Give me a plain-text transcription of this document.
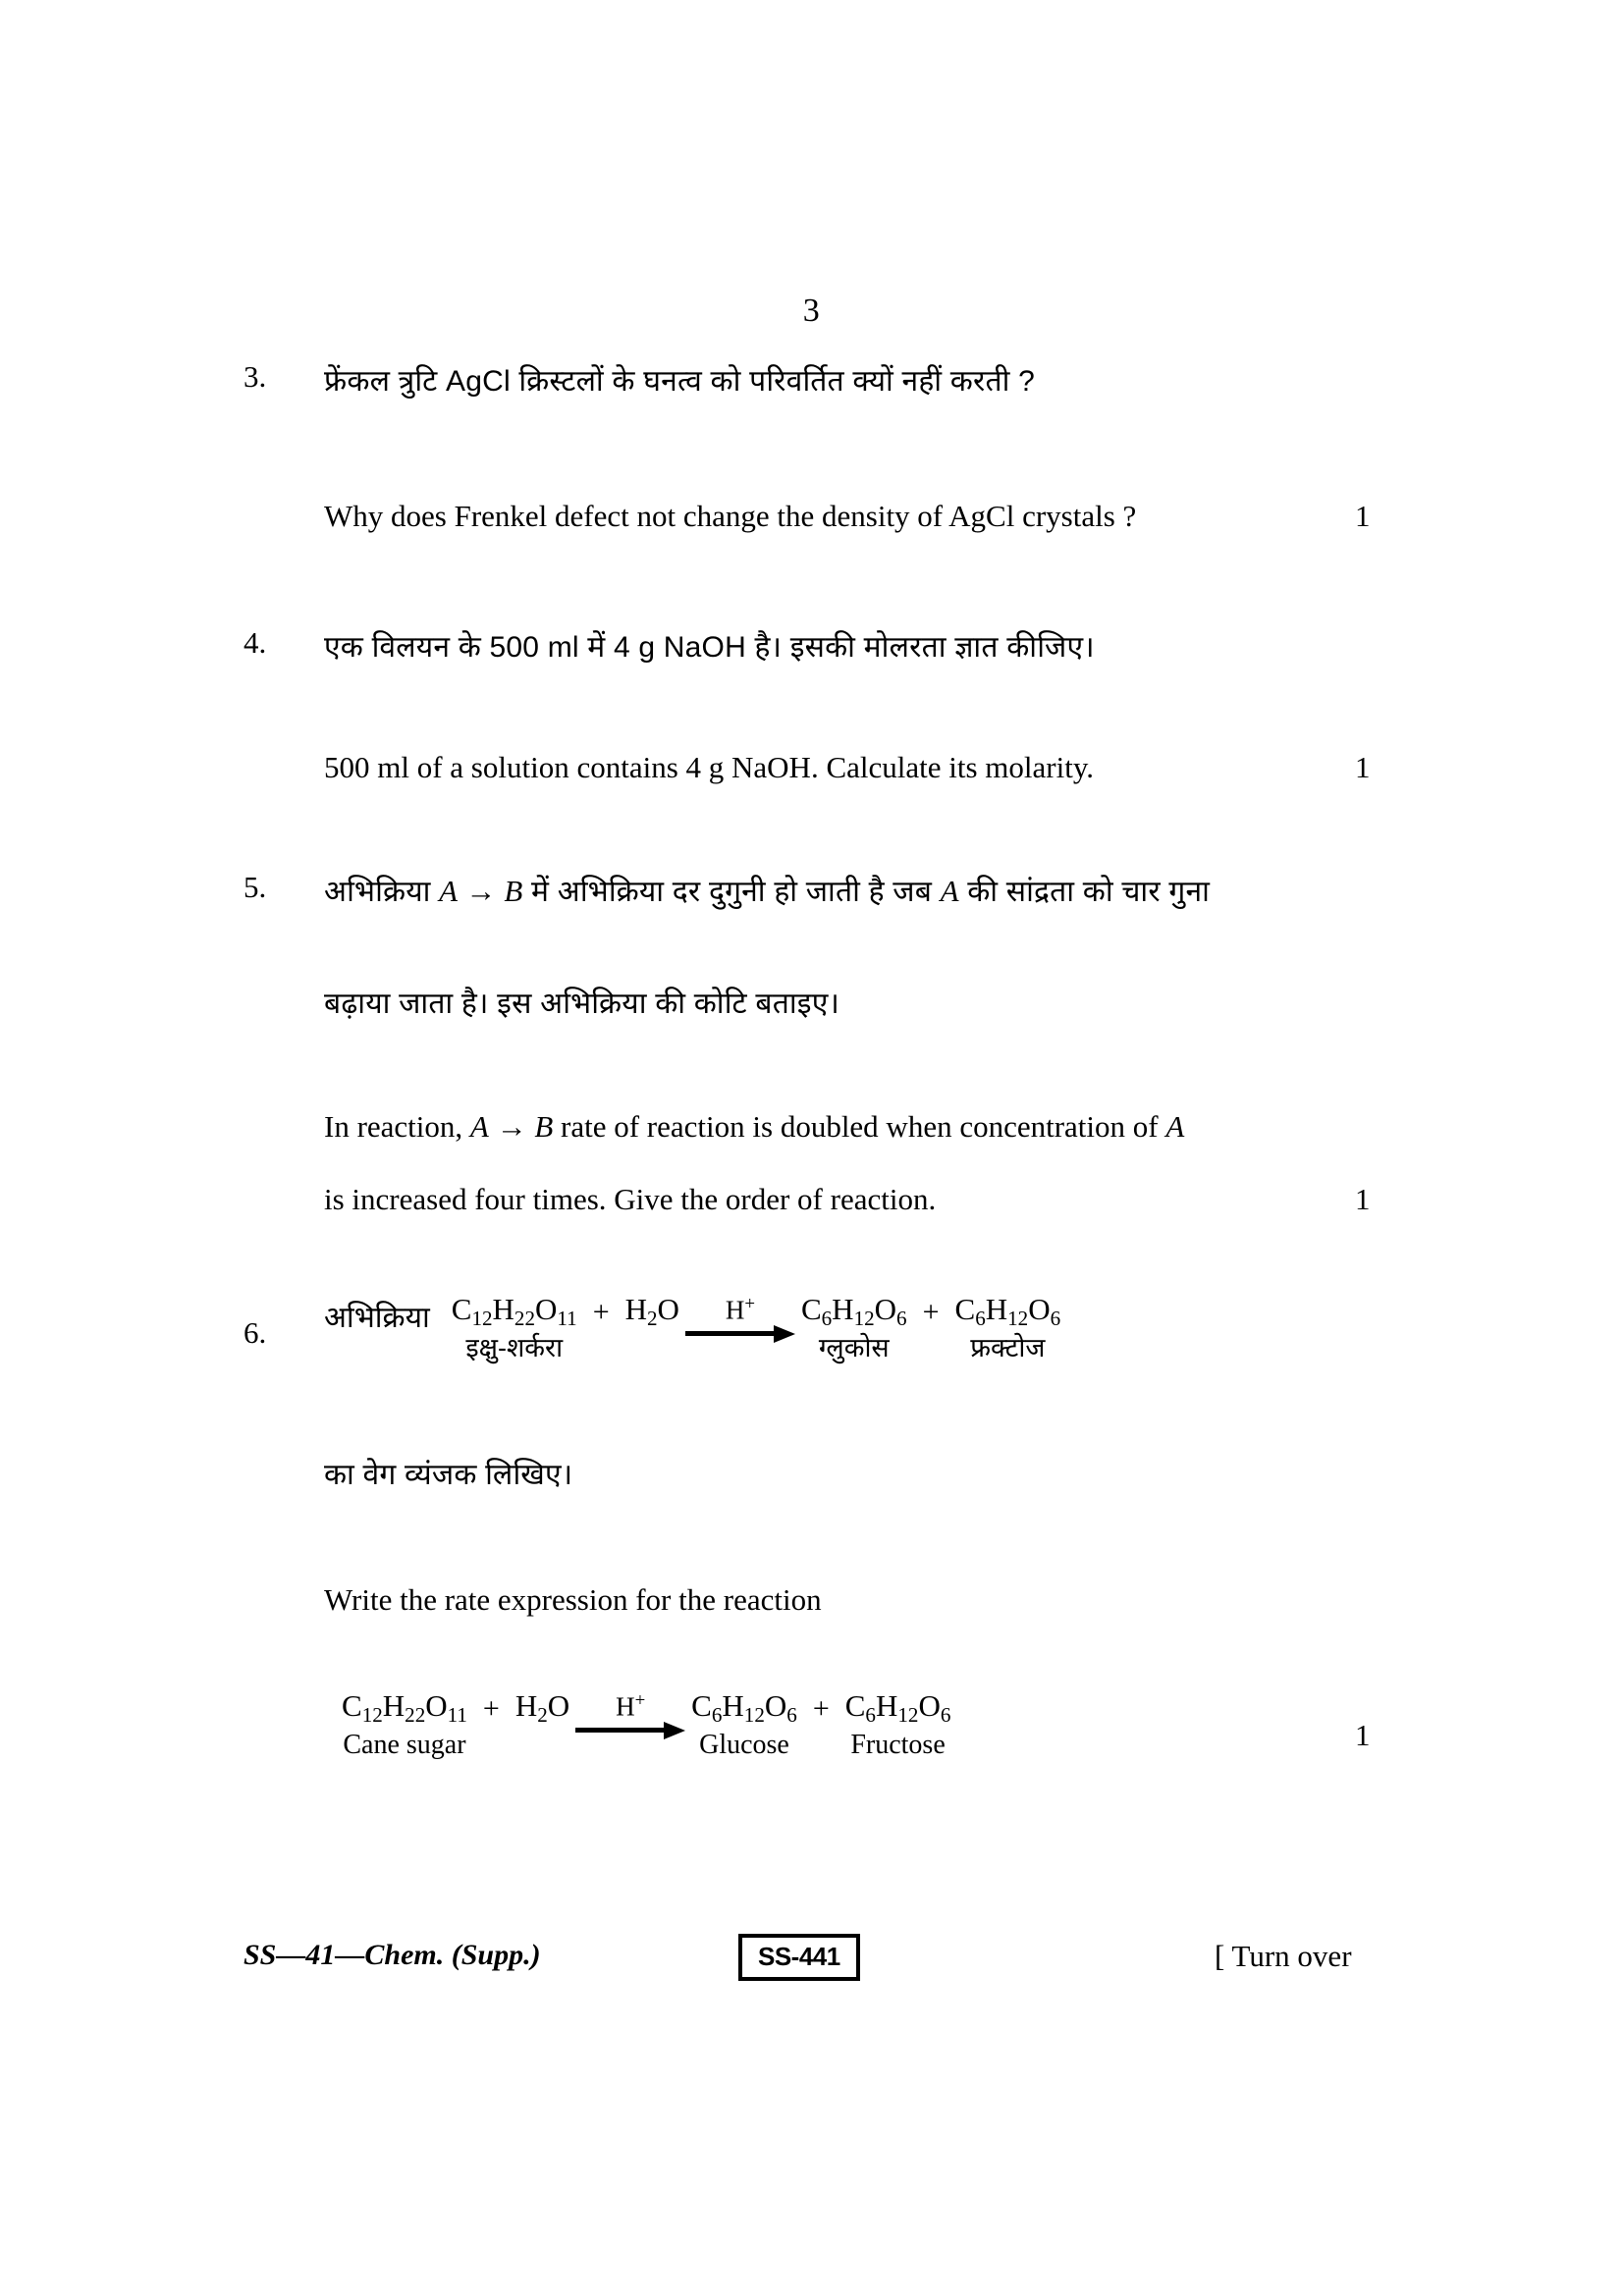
3
3. फ्रेंकल त्रुटि AgCl क्रिस्टलों के घनत्व को परिवर्तित क्यों नहीं करती ?
Why does Frenkel defect not change the density of AgCl crystals ?	1
4. एक विलयन के 500 ml में 4 g NaOH है। इसकी मोलरता ज्ञात कीजिए।
500 ml of a solution contains 4 g NaOH. Calculate its molarity.	1
5. अभिक्रिया A → B में अभिक्रिया दर दुगुनी हो जाती है जब A की सांद्रता को चार गुना
बढ़ाया जाता है। इस अभिक्रिया की कोटि बताइए।
In reaction, A → B rate of reaction is doubled when concentration of A
is increased four times. Give the order of reaction.	1
6. अभिक्रिया $C_{12}H_{22}O_{11}$
इक्षु-शर्करा
+ $H_2O$ H+ $C_6H_{12}O_6$
ग्लुकोस
+ $C_6H_{12}O_6$
फ्रक्टोज
का वेग व्यंजक लिखिए।
Write the rate expression for the reaction
$C_{12}H_{22}O_{11}$
Cane sugar
+ $H_2O$ H+ $C_6H_{12}O_6$
Glucose
+ $C_6H_{12}O_6$
Fructose	1
SS—41—Chem. (Supp.)	SS-441	[ Turn over
